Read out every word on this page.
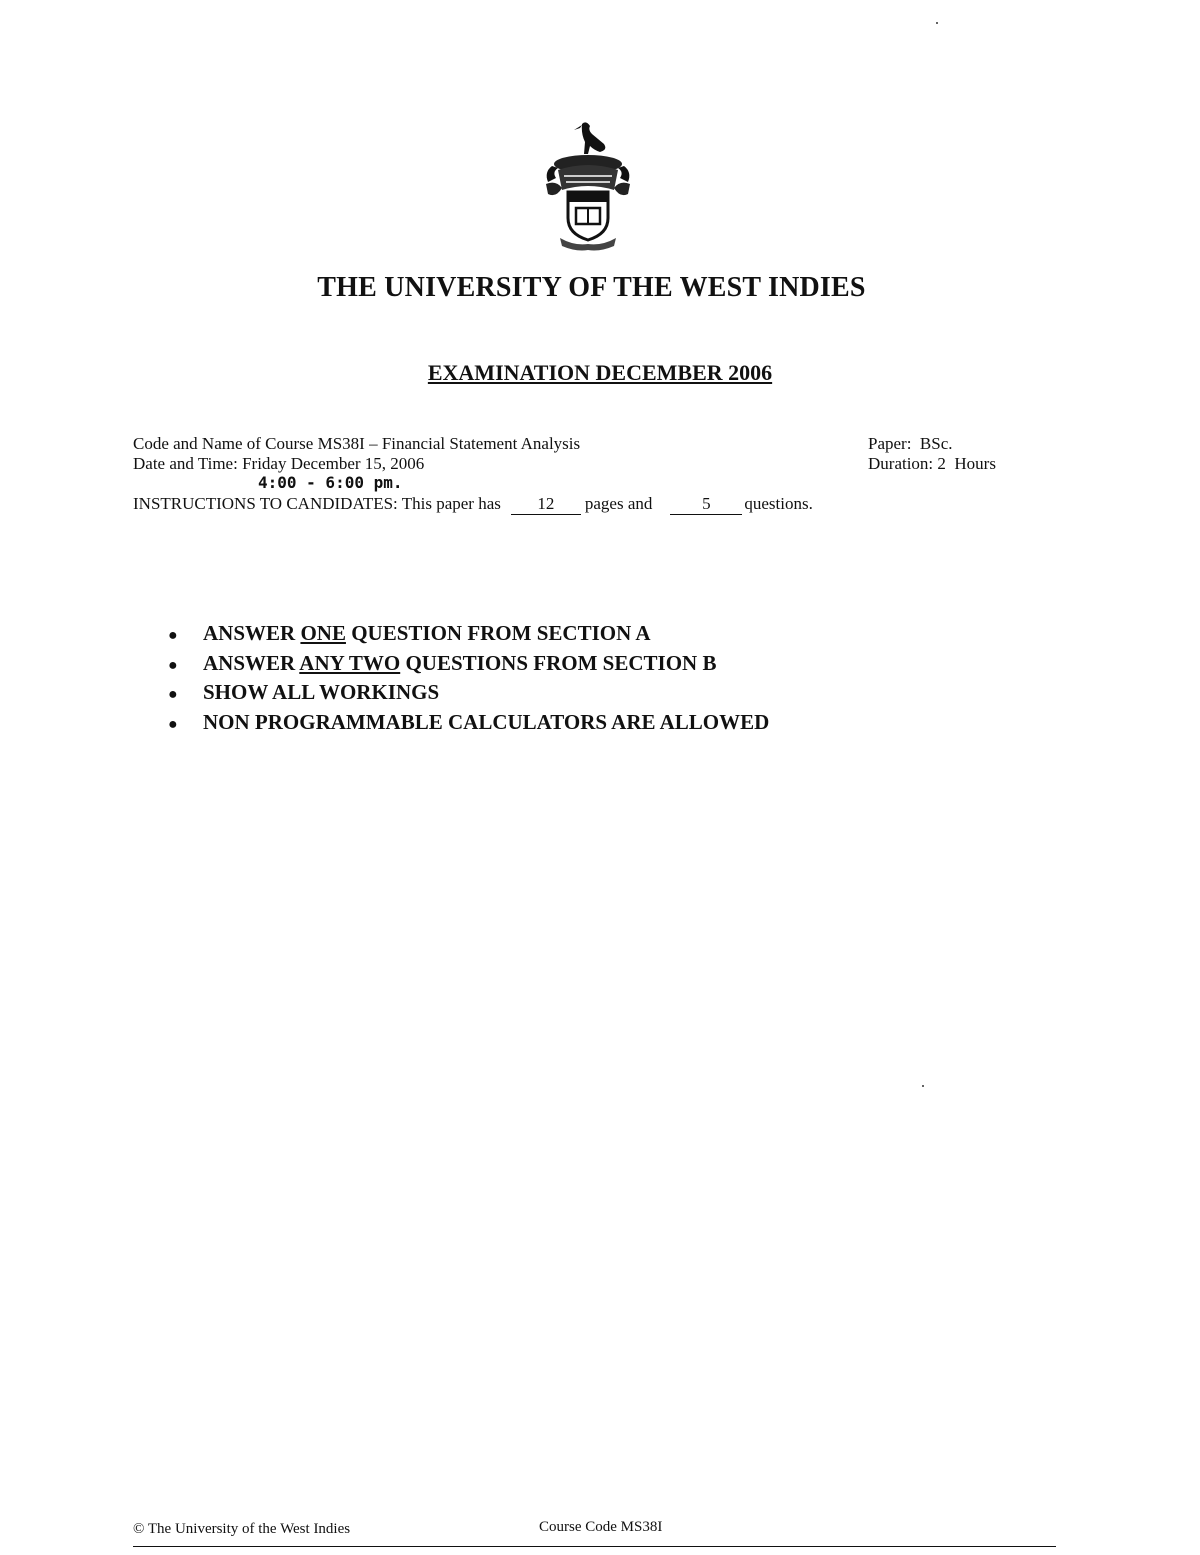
THE UNIVERSITY OF THE WEST INDIES
EXAMINATION DECEMBER 2006
Code and Name of Course MS38I – Financial Statement Analysis
Date and Time: Friday December 15, 2006
4:00 - 6:00 pm.
Paper:  BSc.
Duration: 2  Hours
INSTRUCTIONS TO CANDIDATES: This paper has	12	pages and	5	questions.
●	ANSWER ONE QUESTION FROM SECTION A
●	ANSWER ANY TWO QUESTIONS FROM SECTION B
●	SHOW ALL WORKINGS
●	NON PROGRAMMABLE CALCULATORS ARE ALLOWED
© The University of the West Indies	Course Code MS38I
